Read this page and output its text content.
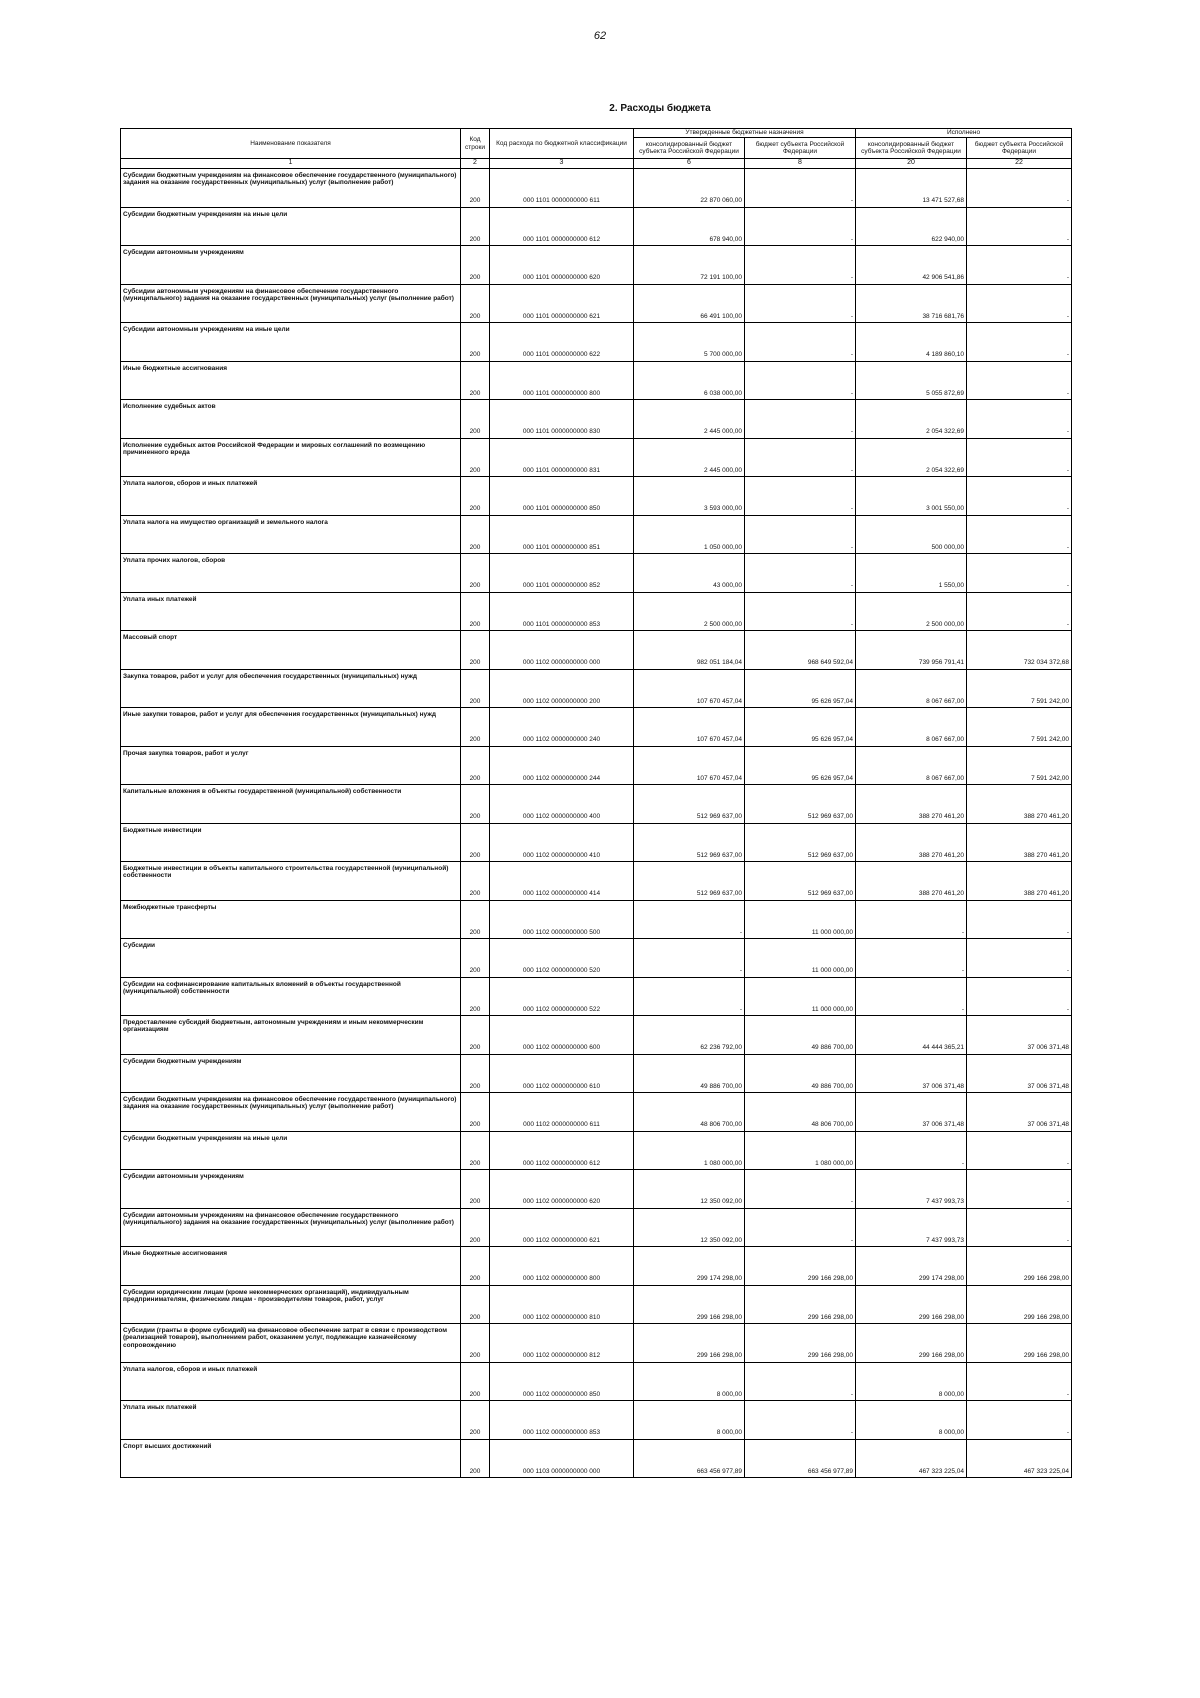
62
2. Расходы бюджета
Наименование показателя	Код строки	Код расхода по бюджетной классификации	Утвержденные бюджетные назначения		Исполнено	
			консолидированный бюджет субъекта Российской Федерации	бюджет субъекта Российской Федерации	консолидированный бюджет субъекта Российской Федерации	бюджет субъекта Российской Федерации
1	2	3	6	8	20	22
Субсидии бюджетным учреждениям на финансовое обеспечение государственного (муниципального) задания на оказание государственных (муниципальных) услуг (выполнение работ)	200	000 1101 0000000000 611	22 870 060,00	-	13 471 527,68	-
Субсидии бюджетным учреждениям на иные цели	200	000 1101 0000000000 612	678 940,00	-	622 940,00	-
Субсидии автономным учреждениям	200	000 1101 0000000000 620	72 191 100,00	-	42 906 541,86	-
Субсидии автономным учреждениям на финансовое обеспечение государственного (муниципального) задания на оказание государственных (муниципальных) услуг (выполнение работ)	200	000 1101 0000000000 621	66 491 100,00	-	38 716 681,76	-
Субсидии автономным учреждениям на иные цели	200	000 1101 0000000000 622	5 700 000,00	-	4 189 860,10	-
Иные бюджетные ассигнования	200	000 1101 0000000000 800	6 038 000,00	-	5 055 872,69	-
Исполнение судебных актов	200	000 1101 0000000000 830	2 445 000,00	-	2 054 322,69	-
Исполнение судебных актов Российской Федерации и мировых соглашений по возмещению причиненного вреда	200	000 1101 0000000000 831	2 445 000,00	-	2 054 322,69	-
Уплата налогов, сборов и иных платежей	200	000 1101 0000000000 850	3 593 000,00	-	3 001 550,00	-
Уплата налога на имущество организаций и земельного налога	200	000 1101 0000000000 851	1 050 000,00	-	500 000,00	-
Уплата прочих налогов, сборов	200	000 1101 0000000000 852	43 000,00	-	1 550,00	-
Уплата иных платежей	200	000 1101 0000000000 853	2 500 000,00	-	2 500 000,00	-
Массовый спорт	200	000 1102 0000000000 000	982 051 184,04	968 649 592,04	739 956 791,41	732 034 372,68
Закупка товаров, работ и услуг для обеспечения государственных (муниципальных) нужд	200	000 1102 0000000000 200	107 670 457,04	95 626 957,04	8 067 667,00	7 591 242,00
Иные закупки товаров, работ и услуг для обеспечения государственных (муниципальных) нужд	200	000 1102 0000000000 240	107 670 457,04	95 626 957,04	8 067 667,00	7 591 242,00
Прочая закупка товаров, работ и услуг	200	000 1102 0000000000 244	107 670 457,04	95 626 957,04	8 067 667,00	7 591 242,00
Капитальные вложения в объекты государственной (муниципальной) собственности	200	000 1102 0000000000 400	512 969 637,00	512 969 637,00	388 270 461,20	388 270 461,20
Бюджетные инвестиции	200	000 1102 0000000000 410	512 969 637,00	512 969 637,00	388 270 461,20	388 270 461,20
Бюджетные инвестиции в объекты капитального строительства государственной (муниципальной) собственности	200	000 1102 0000000000 414	512 969 637,00	512 969 637,00	388 270 461,20	388 270 461,20
Межбюджетные трансферты	200	000 1102 0000000000 500	-	11 000 000,00	-	-
Субсидии	200	000 1102 0000000000 520	-	11 000 000,00	-	-
Субсидии на софинансирование капитальных вложений в объекты государственной (муниципальной) собственности	200	000 1102 0000000000 522	-	11 000 000,00	-	-
Предоставление субсидий бюджетным, автономным учреждениям и иным некоммерческим организациям	200	000 1102 0000000000 600	62 236 792,00	49 886 700,00	44 444 365,21	37 006 371,48
Субсидии бюджетным учреждениям	200	000 1102 0000000000 610	49 886 700,00	49 886 700,00	37 006 371,48	37 006 371,48
Субсидии бюджетным учреждениям на финансовое обеспечение государственного (муниципального) задания на оказание государственных (муниципальных) услуг (выполнение работ)	200	000 1102 0000000000 611	48 806 700,00	48 806 700,00	37 006 371,48	37 006 371,48
Субсидии бюджетным учреждениям на иные цели	200	000 1102 0000000000 612	1 080 000,00	1 080 000,00	-	-
Субсидии автономным учреждениям	200	000 1102 0000000000 620	12 350 092,00	-	7 437 993,73	-
Субсидии автономным учреждениям на финансовое обеспечение государственного (муниципального) задания на оказание государственных (муниципальных) услуг (выполнение работ)	200	000 1102 0000000000 621	12 350 092,00	-	7 437 993,73	-
Иные бюджетные ассигнования	200	000 1102 0000000000 800	299 174 298,00	299 166 298,00	299 174 298,00	299 166 298,00
Субсидии юридическим лицам (кроме некоммерческих организаций), индивидуальным предпринимателям, физическим лицам - производителям товаров, работ, услуг	200	000 1102 0000000000 810	299 166 298,00	299 166 298,00	299 166 298,00	299 166 298,00
Субсидии (гранты в форме субсидий) на финансовое обеспечение затрат в связи с производством (реализацией товаров), выполнением работ, оказанием услуг, подлежащие казначейскому сопровождению	200	000 1102 0000000000 812	299 166 298,00	299 166 298,00	299 166 298,00	299 166 298,00
Уплата налогов, сборов и иных платежей	200	000 1102 0000000000 850	8 000,00	-	8 000,00	-
Уплата иных платежей	200	000 1102 0000000000 853	8 000,00	-	8 000,00	-
Спорт высших достижений	200	000 1103 0000000000 000	663 456 977,89	663 456 977,89	467 323 225,04	467 323 225,04
